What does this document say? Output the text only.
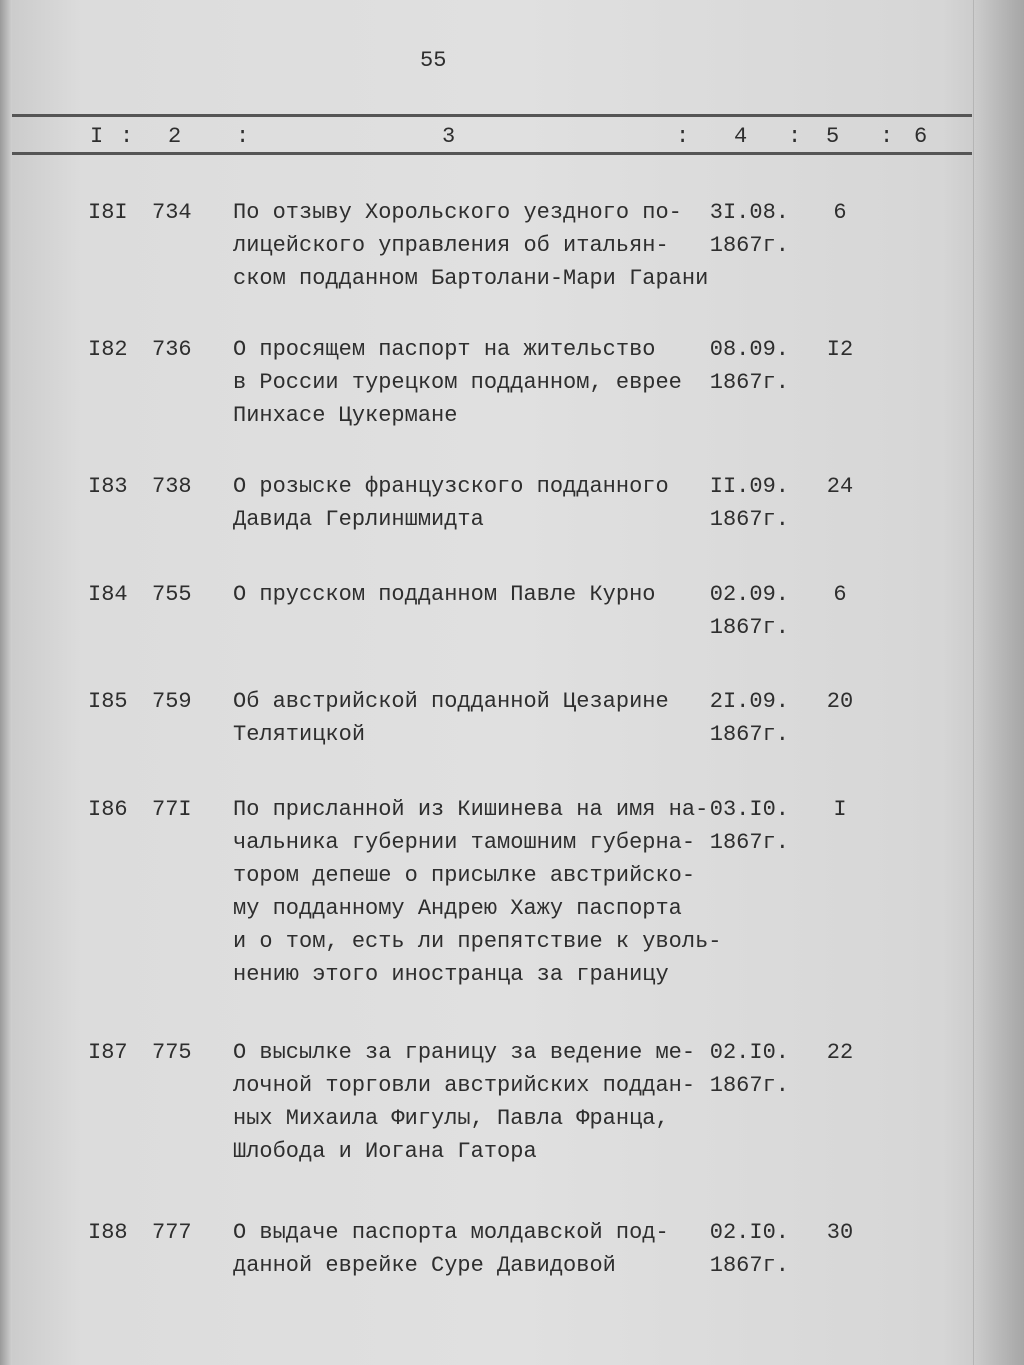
55
I : 2 :	3	: 4 : 5 : 6
I8I 734 По отзыву Хорольского уездного по-
лицейского управления об итальян-
ском подданном Бартолани-Мари Гарани
3I.08.
1867г.
6
I82 736 О просящем паспорт на жительство
в России турецком подданном, еврее
Пинхасе Цукермане
08.09.
1867г.
I2
I83 738 О розыске французского подданного
Давида Герлиншмидта
II.09.
1867г.
24
I84 755 О прусском подданном Павле Курно 02.09.
1867г.
6
I85 759 Об австрийской подданной Цезарине
Телятицкой
2I.09.
1867г.
20
I86 77I По присланной из Кишинева на имя на-
чальника губернии тамошним губерна-
тором депеше о присылке австрийско-
му подданному Андрею Хажу паспорта
и о том, есть ли препятствие к уволь-
нению этого иностранца за границу
03.I0.
1867г.
I
I87 775 О высылке за границу за ведение ме-
лочной торговли австрийских поддан-
ных Михаила Фигулы, Павла Франца,
Шлобода и Иогана Гатора
02.I0.
1867г.
22
I88 777 О выдаче паспорта молдавской под-
данной еврейке Суре Давидовой
02.I0.
1867г.
30
